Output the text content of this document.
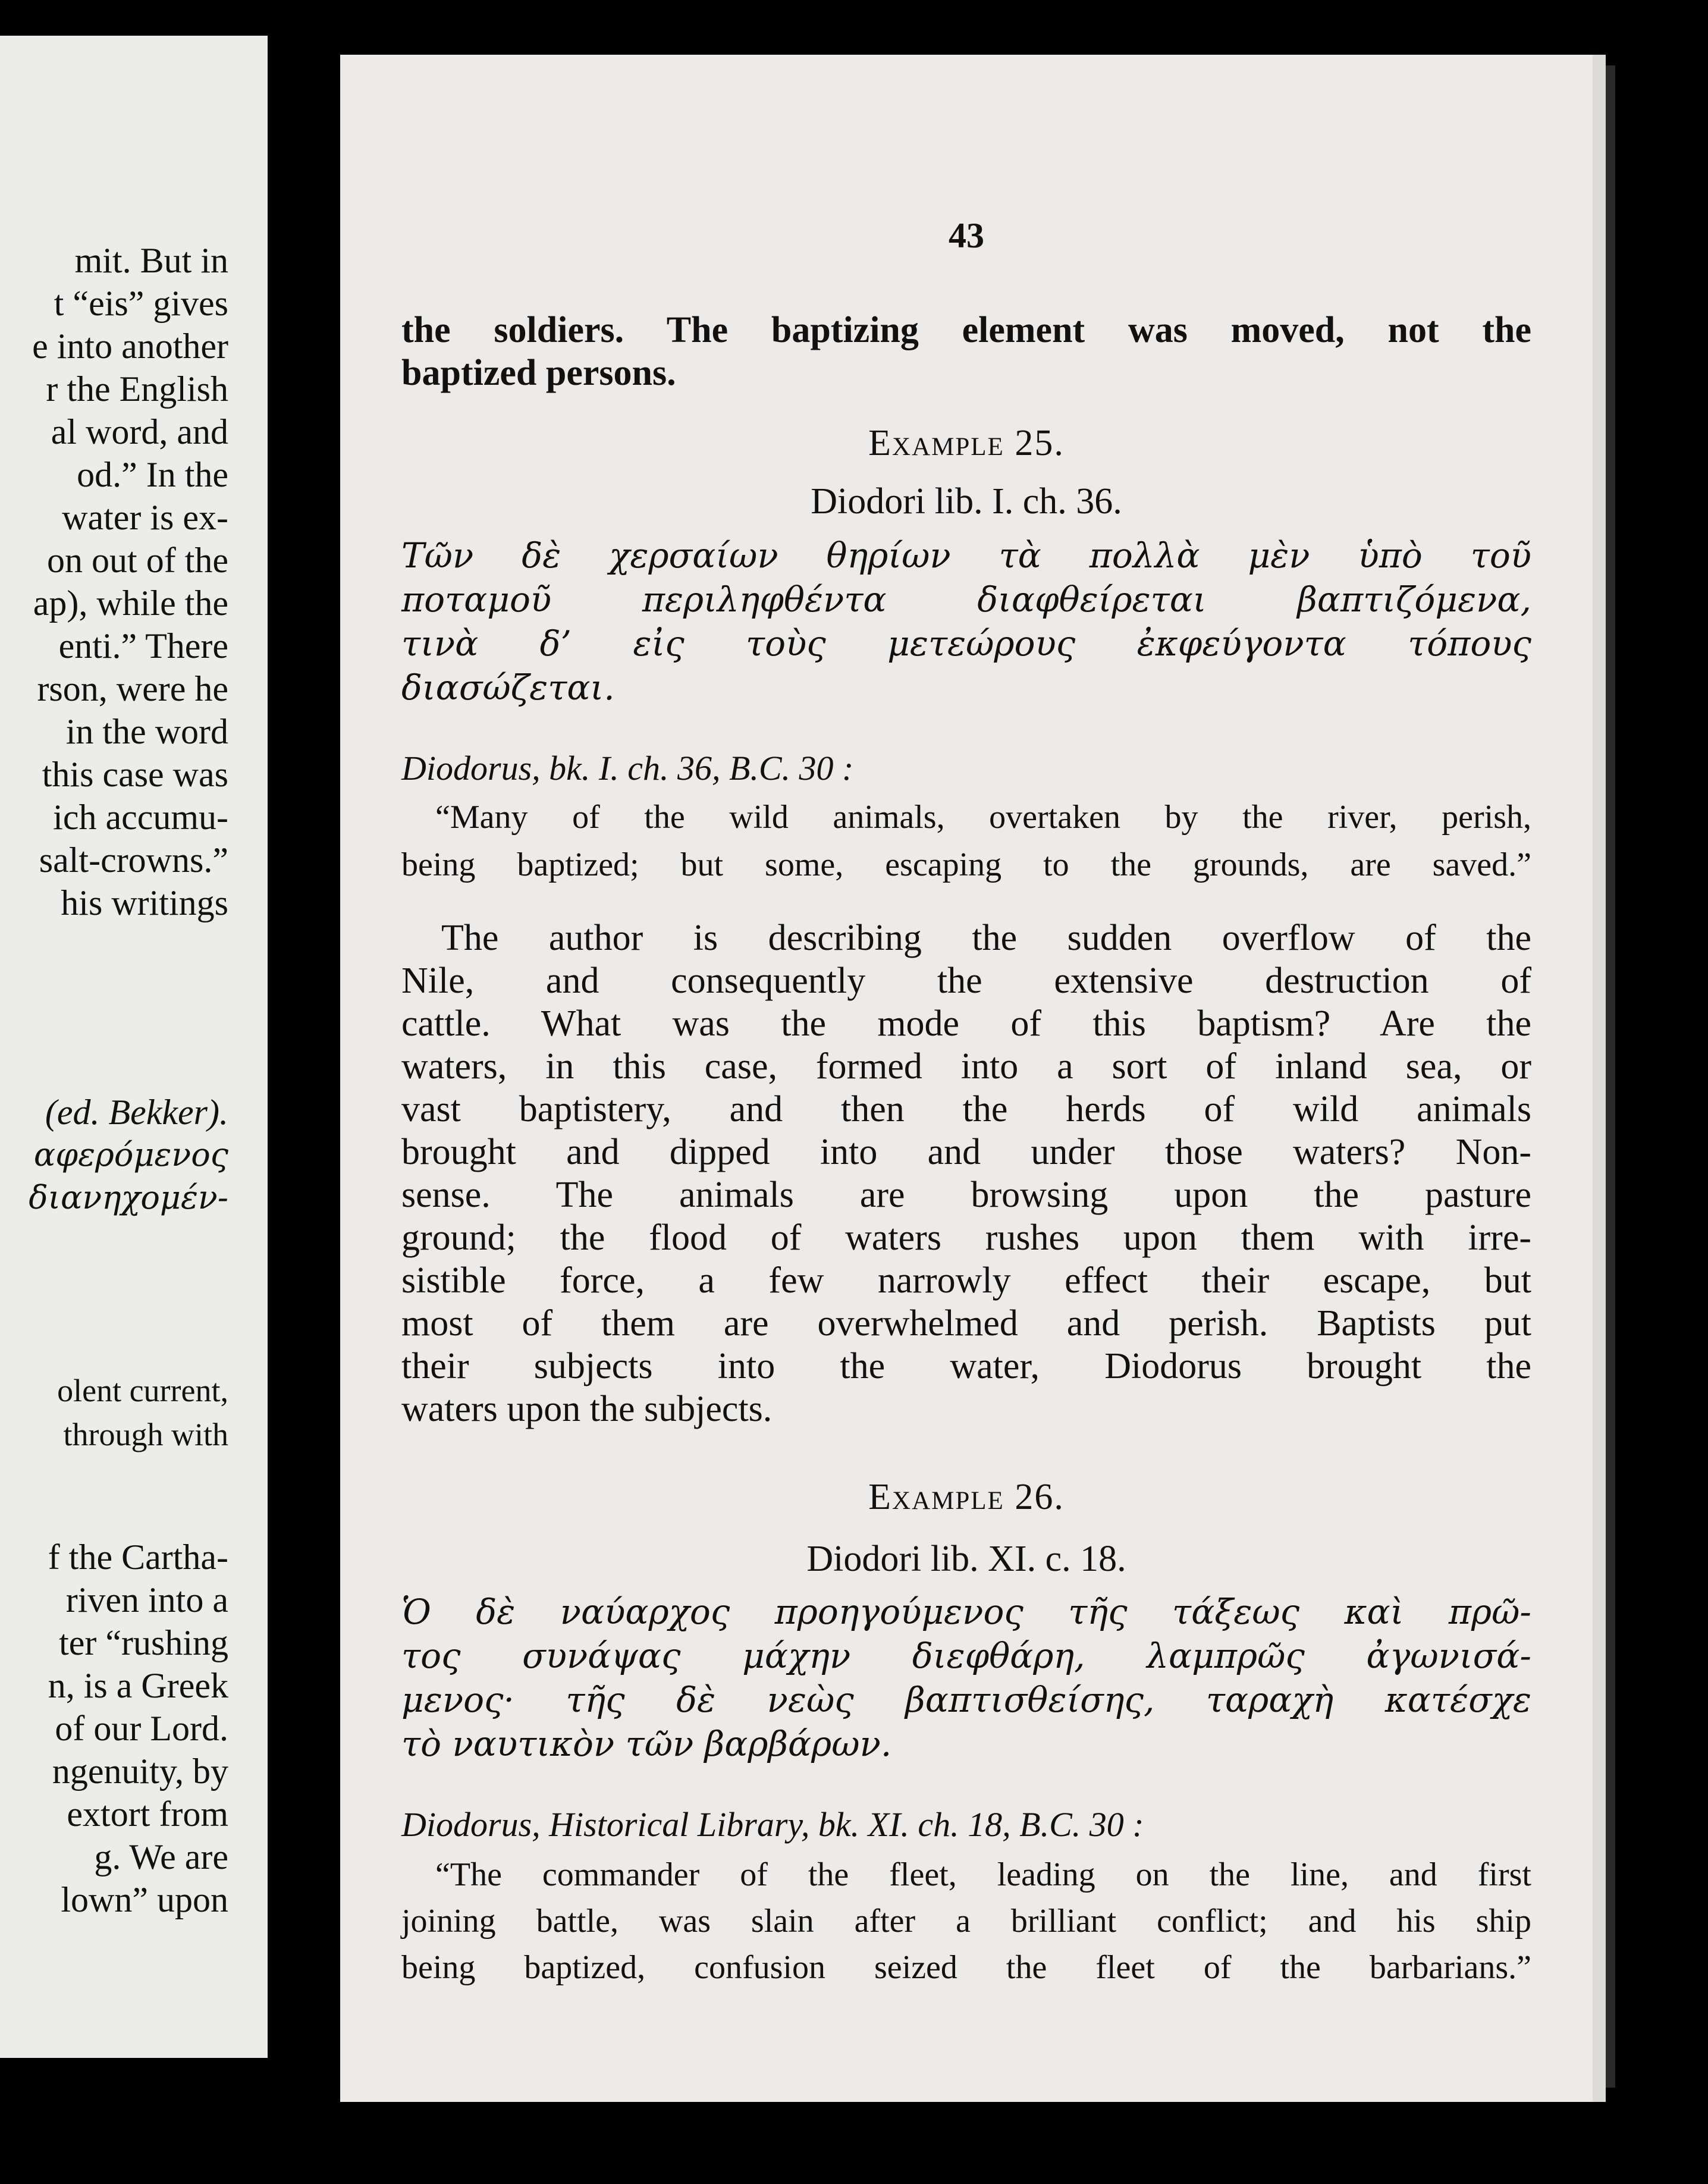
mit. But in
t “eis” gives
e into another
r the English
al word, and
od.” In the
water is ex-
on out of the
ap), while the
enti.” There
rson, were he
in the word
this case was
ich accumu-
salt-crowns.”
his writings
(ed. Bekker).
αφερόμενος
διανηχομέν-
olent current,
through with
f the Cartha-
riven into a
ter “rushing
n, is a Greek
of our Lord.
ngenuity, by
extort from
g. We are
lown” upon
43
the soldiers. The baptizing element was moved, not the
baptized persons.
Example 25.
Diodori lib. I. ch. 36.
Τῶν δὲ χερσαίων θηρίων τὰ πολλὰ μὲν ὑπὸ τοῦ
ποταμοῦ περιληφθέντα διαφθείρεται βαπτιζόμενα,
τινὰ δ’ εἰς τοὺς μετεώρους ἐκφεύγοντα τόπους
διασώζεται.
Diodorus, bk. I. ch. 36, B.C. 30 :
“Many of the wild animals, overtaken by the river, perish,
being baptized; but some, escaping to the grounds, are saved.”
The author is describing the sudden overflow of the
Nile, and consequently the extensive destruction of
cattle. What was the mode of this baptism? Are the
waters, in this case, formed into a sort of inland sea, or
vast baptistery, and then the herds of wild animals
brought and dipped into and under those waters? Non-
sense. The animals are browsing upon the pasture
ground; the flood of waters rushes upon them with irre-
sistible force, a few narrowly effect their escape, but
most of them are overwhelmed and perish. Baptists put
their subjects into the water, Diodorus brought the
waters upon the subjects.
Example 26.
Diodori lib. XI. c. 18.
Ὁ δὲ ναύαρχος προηγούμενος τῆς τάξεως καὶ πρῶ-
τος συνάψας μάχην διεφθάρη, λαμπρῶς ἀγωνισά-
μενος· τῆς δὲ νεὼς βαπτισθείσης, ταραχὴ κατέσχε
τὸ ναυτικὸν τῶν βαρβάρων.
Diodorus, Historical Library, bk. XI. ch. 18, B.C. 30 :
“The commander of the fleet, leading on the line, and first
joining battle, was slain after a brilliant conflict; and his ship
being baptized, confusion seized the fleet of the barbarians.”
